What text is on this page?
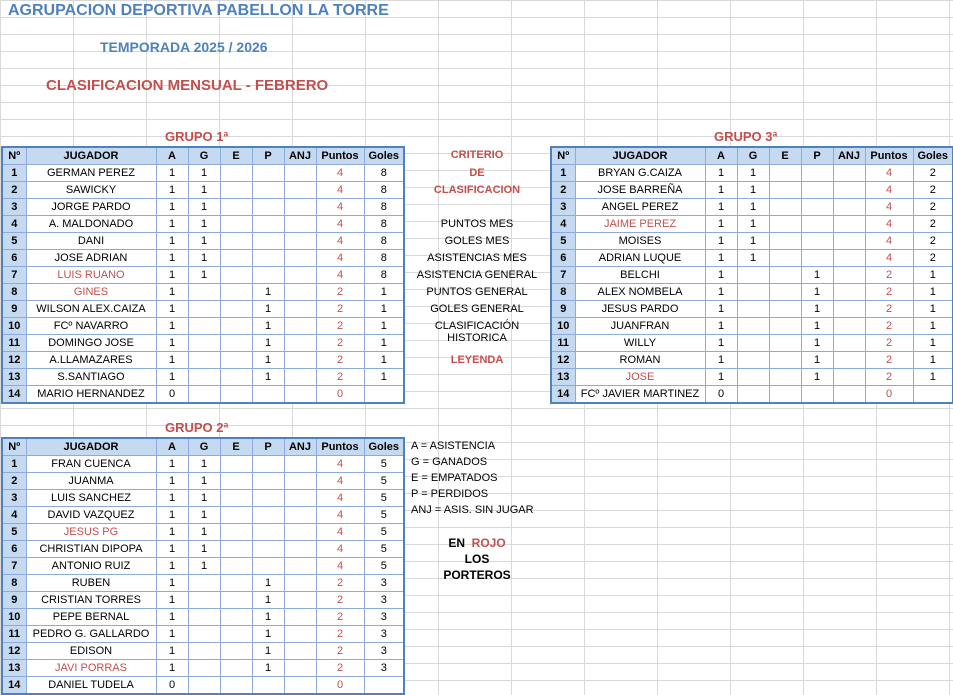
AGRUPACION DEPORTIVA PABELLON LA TORRE
TEMPORADA 2025 / 2026
CLASIFICACION MENSUAL - FEBRERO
GRUPO 1ª	GRUPO 3ª
GRUPO 2ª
Nº	JUGADOR	A	G	E	P	ANJ	Puntos	Goles
1	GERMAN PEREZ	1	1				4	8
2	SAWICKY	1	1				4	8
3	JORGE PARDO	1	1				4	8
4	A. MALDONADO	1	1				4	8
5	DANI	1	1				4	8
6	JOSE ADRIAN	1	1				4	8
7	LUIS RUANO	1	1				4	8
8	GINES	1			1		2	1
9	WILSON ALEX.CAIZA	1			1		2	1
10	FCº NAVARRO	1			1		2	1
11	DOMINGO JOSE	1			1		2	1
12	A.LLAMAZARES	1			1		2	1
13	S.SANTIAGO	1			1		2	1
14	MARIO HERNANDEZ	0					0	
Nº	JUGADOR	A	G	E	P	ANJ	Puntos	Goles
1	BRYAN G.CAIZA	1	1				4	2
2	JOSE BARREÑA	1	1				4	2
3	ANGEL PEREZ	1	1				4	2
4	JAIME PEREZ	1	1				4	2
5	MOISES	1	1				4	2
6	ADRIAN LUQUE	1	1				4	2
7	BELCHI	1			1		2	1
8	ALEX NOMBELA	1			1		2	1
9	JESUS PARDO	1			1		2	1
10	JUANFRAN	1			1		2	1
11	WILLY	1			1		2	1
12	ROMAN	1			1		2	1
13	JOSE	1			1		2	1
14	FCº JAVIER MARTINEZ	0					0	
Nº	JUGADOR	A	G	E	P	ANJ	Puntos	Goles
1	FRAN CUENCA	1	1				4	5
2	JUANMA	1	1				4	5
3	LUIS SANCHEZ	1	1				4	5
4	DAVID VAZQUEZ	1	1				4	5
5	JESUS PG	1	1				4	5
6	CHRISTIAN DIPOPA	1	1				4	5
7	ANTONIO RUIZ	1	1				4	5
8	RUBEN	1			1		2	3
9	CRISTIAN TORRES	1			1		2	3
10	PEPE BERNAL	1			1		2	3
11	PEDRO G. GALLARDO	1			1		2	3
12	EDISON	1			1		2	3
13	JAVI PORRAS	1			1		2	3
14	DANIEL TUDELA	0					0	
CRITERIO
DE
CLASIFICACION
PUNTOS MES
GOLES MES
ASISTENCIAS MES
ASISTENCIA GENERAL
PUNTOS GENERAL
GOLES GENERAL
CLASIFICACIÓN HISTORICA
LEYENDA
A = ASISTENCIA
G = GANADOS
E = EMPATADOS
P = PERDIDOS
ANJ = ASIS. SIN JUGAR
EN ROJO
LOS
PORTEROS
